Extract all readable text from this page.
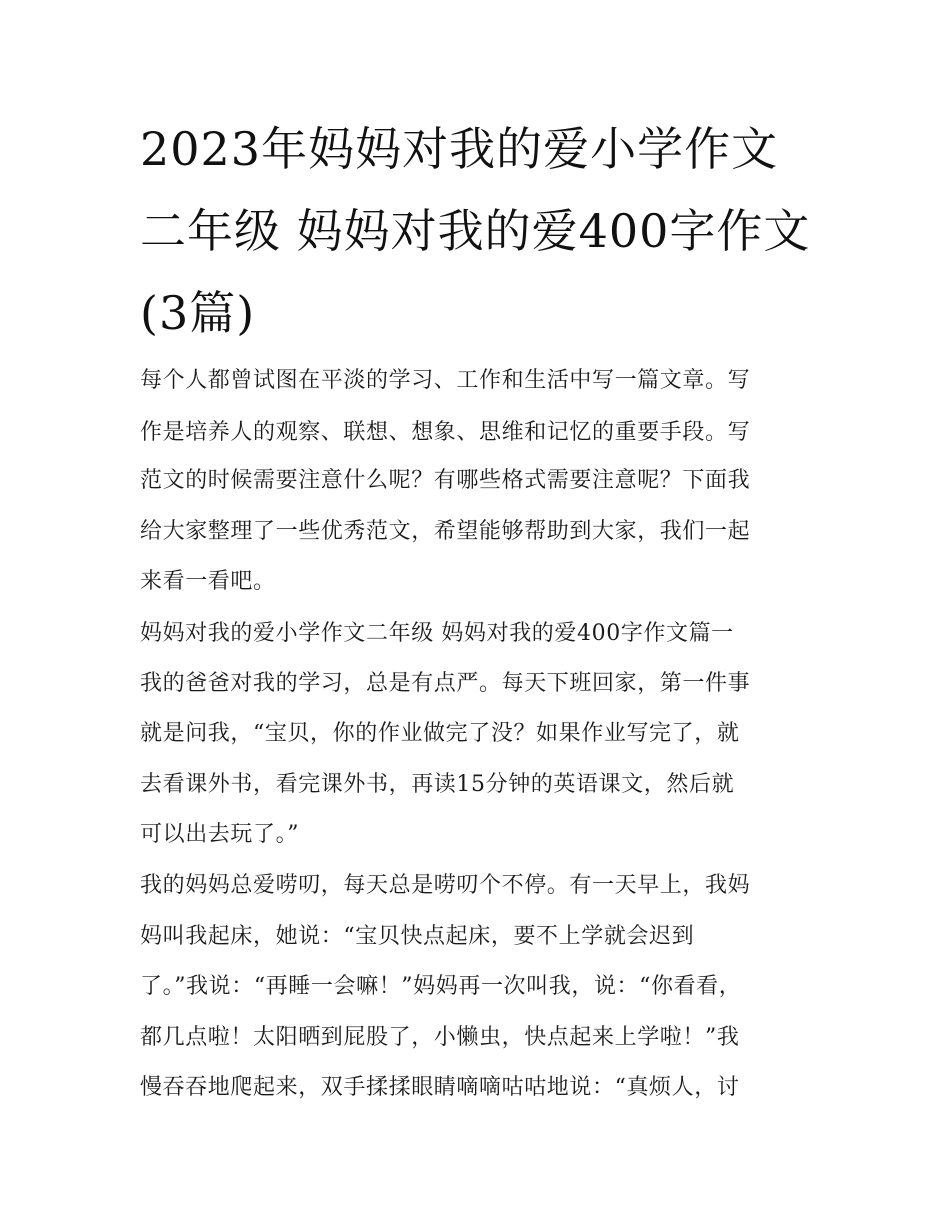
2023年妈妈对我的爱小学作文二年级 妈妈对我的爱400字作文(3篇)
每个人都曾试图在平淡的学习、工作和生活中写一篇文章。写
作是培养人的观察、联想、想象、思维和记忆的重要手段。写
范文的时候需要注意什么呢？有哪些格式需要注意呢？下面我
给大家整理了一些优秀范文，希望能够帮助到大家，我们一起
来看一看吧。
妈妈对我的爱小学作文二年级 妈妈对我的爱400字作文篇一
我的爸爸对我的学习，总是有点严。每天下班回家，第一件事
就是问我，“宝贝，你的作业做完了没？如果作业写完了，就
去看课外书，看完课外书，再读15分钟的英语课文，然后就
可以出去玩了。”
我的妈妈总爱唠叨，每天总是唠叨个不停。有一天早上，我妈
妈叫我起床，她说：“宝贝快点起床，要不上学就会迟到
了。”我说：“再睡一会嘛！”妈妈再一次叫我，说：“你看看，
都几点啦！太阳晒到屁股了，小懒虫，快点起来上学啦！”我
慢吞吞地爬起来，双手揉揉眼睛嘀嘀咕咕地说：“真烦人，讨
